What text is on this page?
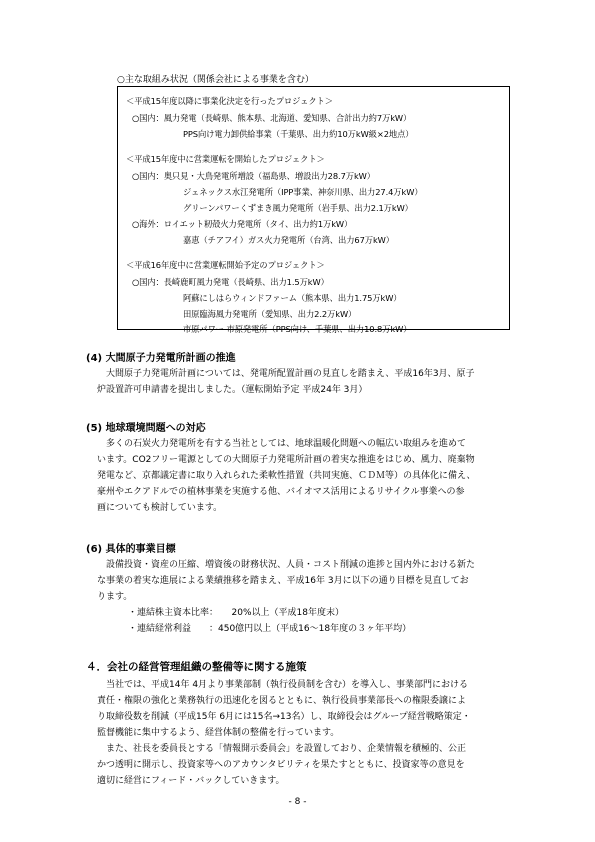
○主な取組み状況（関係会社による事業を含む）
＜平成15年度以降に事業化決定を行ったプロジェクト＞
○国内：風力発電（長崎県、熊本県、北海道、愛知県、合計出力約7万kW）
PPS向け電力卸供給事業（千葉県、出力約10万kW級×2地点）
＜平成15年度中に営業運転を開始したプロジェクト＞
○国内：奥只見・大鳥発電所増設（福島県、増設出力28.7万kW）
ジェネックス水江発電所（IPP事業、神奈川県、出力27.4万kW）
グリーンパワーくずまき風力発電所（岩手県、出力2.1万kW）
○海外：ロイエット籾殻火力発電所（タイ、出力約1万kW）
嘉恵（チアフイ）ガス火力発電所（台湾、出力67万kW）
＜平成16年度中に営業運転開始予定のプロジェクト＞
○国内：長崎鹿町風力発電（長崎県、出力1.5万kW）
阿蘇にしはらウィンドファーム（熊本県、出力1.75万kW）
田原臨海風力発電所（愛知県、出力2.2万kW）
市原パワー 市原発電所（PPS向け、千葉県、出力10.8万kW）
(4) 大間原子力発電所計画の推進
大間原子力発電所計画については、発電所配置計画の見直しを踏まえ、平成16年3月、原子
炉設置許可申請書を提出しました。（運転開始予定 平成24年 3月）
(5) 地球環境問題への対応
多くの石炭火力発電所を有する当社としては、地球温暖化問題への幅広い取組みを進めて
います。CO2フリー電源としての大間原子力発電所計画の着実な推進をはじめ、風力、廃棄物
発電など、京都議定書に取り入れられた柔軟性措置（共同実施、ＣＤＭ等）の具体化に備え、
豪州やエクアドルでの植林事業を実施する他、バイオマス活用によるリサイクル事業への参
画についても検討しています。
(6) 具体的事業目標
設備投資・資産の圧縮、増資後の財務状況、人員・コスト削減の進捗と国内外における新た
な事業の着実な進展による業績推移を踏まえ、平成16年 3月に以下の通り目標を見直してお
ります。
・連結株主資本比率：　　20%以上（平成18年度末）
・連結経常利益　　：450億円以上（平成16～18年度の３ヶ年平均）
４．会社の経営管理組織の整備等に関する施策
当社では、平成14年 4月より事業部制（執行役員制を含む）を導入し、事業部門における
責任・権限の強化と業務執行の迅速化を図るとともに、執行役員事業部長への権限委譲によ
り取締役数を削減（平成15年 6月には15名→13名）し、取締役会はグループ経営戦略策定・
監督機能に集中するよう、経営体制の整備を行っています。
また、社長を委員長とする「情報開示委員会」を設置しており、企業情報を積極的、公正
かつ透明に開示し、投資家等へのアカウンタビリティを果たすとともに、投資家等の意見を
適切に経営にフィード・バックしていきます。
- 8 -
